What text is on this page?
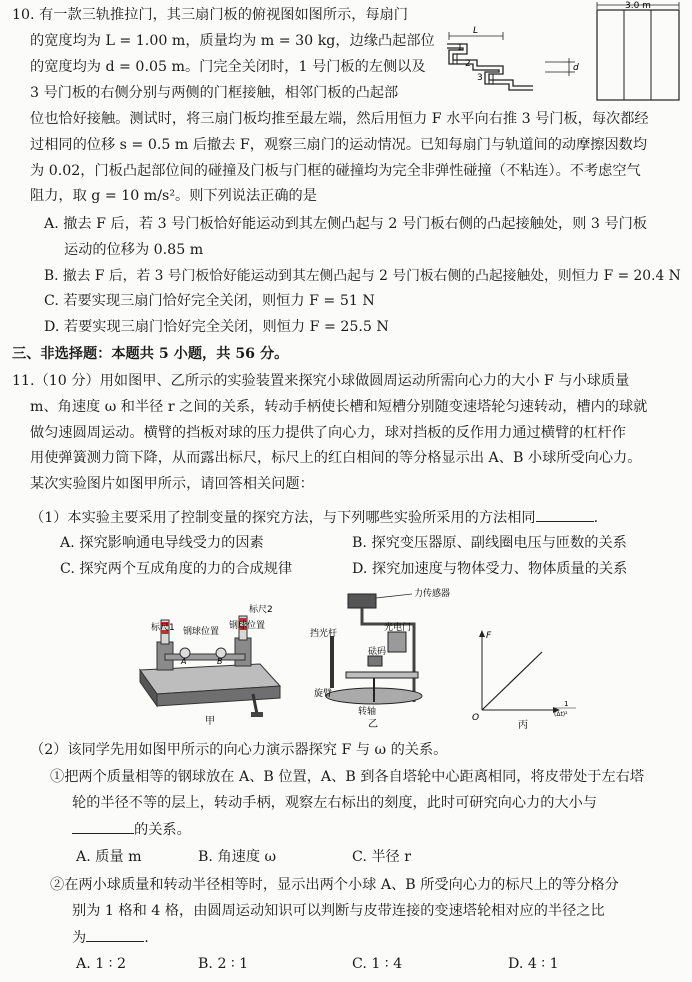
10. 有一款三轨推拉门，其三扇门板的俯视图如图所示，每扇门
的宽度均为 L = 1.00 m，质量均为 m = 30 kg，边缘凸起部位
的宽度均为 d = 0.05 m。门完全关闭时，1 号门板的左侧以及
3 号门板的右侧分别与两侧的门框接触，相邻门板的凸起部
位也恰好接触。测试时，将三扇门板均推至最左端，然后用恒力 F 水平向右推 3 号门板，每次都经
过相同的位移 s = 0.5 m 后撤去 F，观察三扇门的运动情况。已知每扇门与轨道间的动摩擦因数均
为 0.02，门板凸起部位间的碰撞及门板与门框的碰撞均为完全非弹性碰撞（不粘连）。不考虑空气
阻力，取 g = 10 m/s²。则下列说法正确的是
A. 撤去 F 后，若 3 号门板恰好能运动到其左侧凸起与 2 号门板右侧的凸起接触处，则 3 号门板
运动的位移为 0.85 m
B. 撤去 F 后，若 3 号门板恰好能运动到其左侧凸起与 2 号门板右侧的凸起接触处，则恒力 F = 20.4 N
C. 若要实现三扇门恰好完全关闭，则恒力 F = 51 N
D. 若要实现三扇门恰好完全关闭，则恒力 F = 25.5 N
3.0 m
L
d
1
2
3
三、非选择题：本题共 5 小题，共 56 分。
11.（10 分）用如图甲、乙所示的实验装置来探究小球做圆周运动所需向心力的大小 F 与小球质量
m、角速度 ω 和半径 r 之间的关系，转动手柄使长槽和短槽分别随变速塔轮匀速转动，槽内的球就
做匀速圆周运动。横臂的挡板对球的压力提供了向心力，球对挡板的反作用力通过横臂的杠杆作
用使弹簧测力筒下降，从而露出标尺，标尺上的红白相间的等分格显示出 A、B 小球所受向心力。
某次实验图片如图甲所示，请回答相关问题：
（1）本实验主要采用了控制变量的探究方法，与下列哪些实验所采用的方法相同	.
A. 探究影响通电导线受力的因素	B. 探究变压器原、副线圈电压与匝数的关系
C. 探究两个互成角度的力的合成规律	D. 探究加速度与物体受力、物体质量的关系
标尺1 钢球位置
钢球位置
标尺2
A	B
甲
力传感器
挡光杆
光电门
砝码
旋臂
转轴
乙
F
O
1
(Δt)²
丙
（2）该同学先用如图甲所示的向心力演示器探究 F 与 ω 的关系。
①把两个质量相等的钢球放在 A、B 位置，A、B 到各自塔轮中心距离相同，将皮带处于左右塔
轮的半径不等的层上，转动手柄，观察左右标出的刻度，此时可研究向心力的大小与
的关系。
A. 质量 m	B. 角速度 ω	C. 半径 r
②在两小球质量和转动半径相等时，显示出两个小球 A、B 所受向心力的标尺上的等分格分
别为 1 格和 4 格，由圆周运动知识可以判断与皮带连接的变速塔轮相对应的半径之比
为	.
A. 1 ∶ 2	B. 2 ∶ 1	C. 1 ∶ 4	D. 4 ∶ 1
